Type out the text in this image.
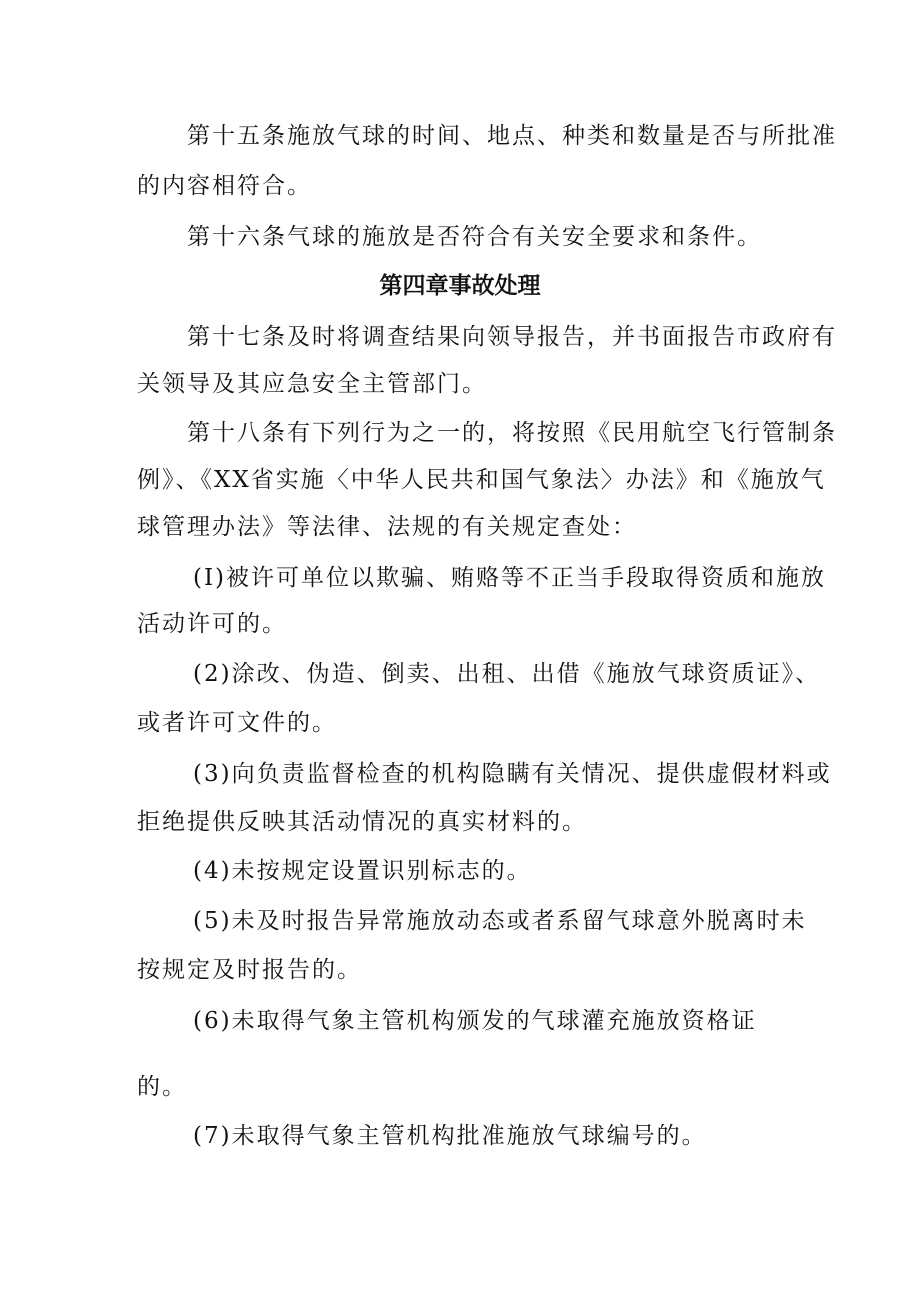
第十五条施放气球的时间、地点、种类和数量是否与所批准
的内容相符合。
第十六条气球的施放是否符合有关安全要求和条件。
第四章事故处理
第十七条及时将调查结果向领导报告，并书面报告市政府有
关领导及其应急安全主管部门。
第十八条有下列行为之一的，将按照《民用航空飞行管制条
例》、《XX省实施〈中华人民共和国气象法〉办法》和《施放气
球管理办法》等法律、法规的有关规定查处：
(I)被许可单位以欺骗、贿赂等不正当手段取得资质和施放
活动许可的。
(2)涂改、伪造、倒卖、出租、出借《施放气球资质证》、
或者许可文件的。
(3)向负责监督检查的机构隐瞒有关情况、提供虚假材料或
拒绝提供反映其活动情况的真实材料的。
(4)未按规定设置识别标志的。
(5)未及时报告异常施放动态或者系留气球意外脱离时未
按规定及时报告的。
(6)未取得气象主管机构颁发的气球灌充施放资格证
的。
(7)未取得气象主管机构批准施放气球编号的。
